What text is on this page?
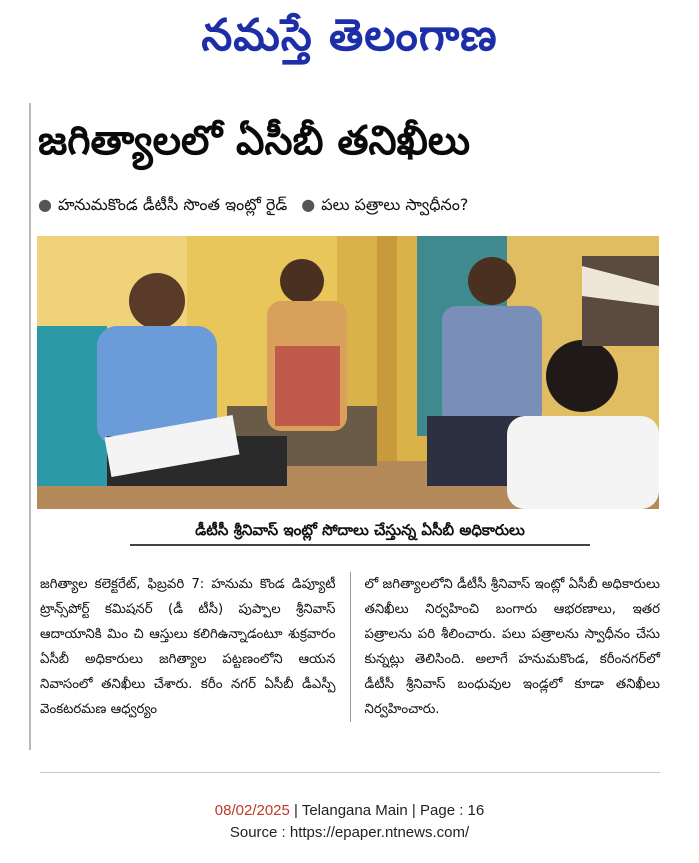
నమస్తే తెలంగాణ
జగిత్యాలలో ఏసీబీ తనిఖీలు
● హనుమకొండ డీటీసీ సొంత ఇంట్లో రైడ్ ● పలు పత్రాలు స్వాధీనం?
డీటీసీ శ్రీనివాస్ ఇంట్లో సోదాలు చేస్తున్న ఏసీబీ అధికారులు

జగిత్యాల కలెక్టరేట్, ఫిబ్రవరి 7: హనుమ కొండ డిప్యూటీ ట్రాన్స్‌పోర్ట్ కమిషనర్ (డీ టీసీ) పుప్పాల శ్రీనివాస్ ఆదాయానికి మిం చి ఆస్తులు కలిగిఉన్నాడంటూ శుక్రవారం ఏసీబీ అధికారులు జగిత్యాల పట్టణంలోని ఆయన నివాసంలో తనిఖీలు చేశారు. కరీం నగర్ ఏసీబీ డీఎస్పీ వెంకటరమణ ఆధ్వర్యం

లో జగిత్యాలలోని డీటీసీ శ్రీనివాస్ ఇంట్లో ఏసీబీ అధికారులు తనిఖీలు నిర్వహించి బంగారు ఆభరణాలు, ఇతర పత్రాలను పరి శీలించారు. పలు పత్రాలను స్వాధీనం చేసు కున్నట్లు తెలిసింది. అలాగే హనుమకొండ, కరీంనగర్‌లో డీటీసీ శ్రీనివాస్ బంధువుల ఇండ్లలో కూడా తనిఖీలు నిర్వహించారు.

08/02/2025 | Telangana Main | Page : 16
Source : https://epaper.ntnews.com/
